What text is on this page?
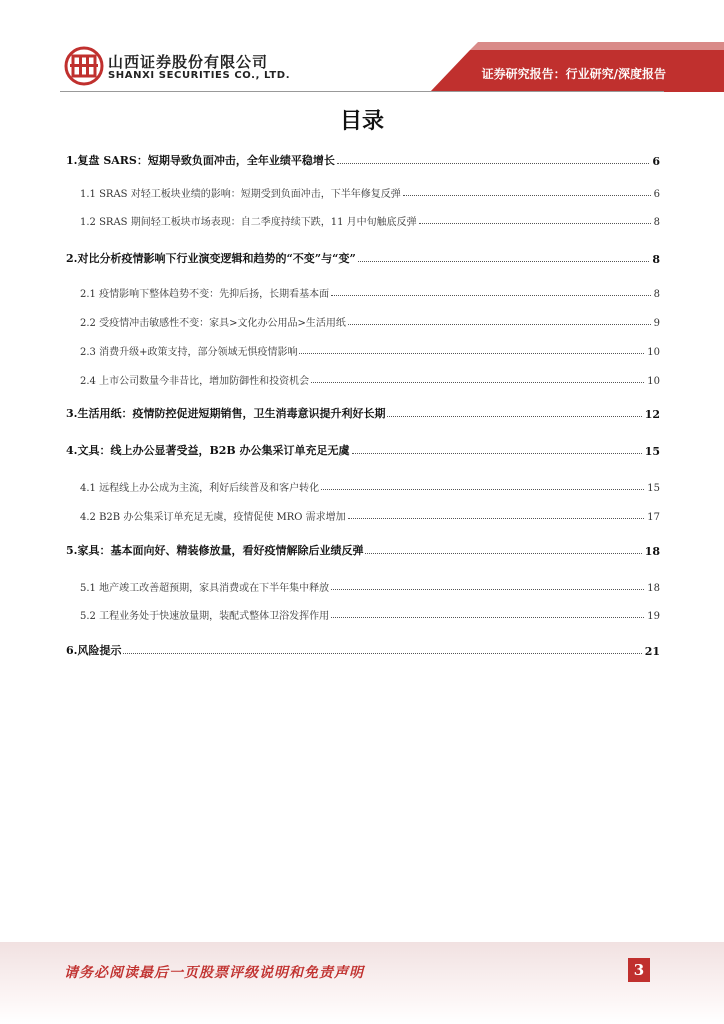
山西证券股份有限公司
SHANXI SECURITIES CO., LTD.	证券研究报告：行业研究/深度报告
目录
1.复盘 SARS：短期导致负面冲击，全年业绩平稳增长	6
1.1 SRAS 对轻工板块业绩的影响：短期受到负面冲击，下半年修复反弹	6
1.2 SRAS 期间轻工板块市场表现：自二季度持续下跌，11 月中旬触底反弹	8
2.对比分析疫情影响下行业演变逻辑和趋势的“不变”与“变”	8
2.1 疫情影响下整体趋势不变：先抑后扬，长期看基本面	8
2.2 受疫情冲击敏感性不变：家具>文化办公用品>生活用纸	9
2.3 消费升级+政策支持，部分领域无惧疫情影响	10
2.4 上市公司数量今非昔比，增加防御性和投资机会	10
3.生活用纸：疫情防控促进短期销售，卫生消毒意识提升利好长期	12
4.文具：线上办公显著受益，B2B 办公集采订单充足无虞	15
4.1 远程线上办公成为主流，利好后续普及和客户转化	15
4.2 B2B 办公集采订单充足无虞，疫情促使 MRO 需求增加	17
5.家具：基本面向好、精装修放量，看好疫情解除后业绩反弹	18
5.1 地产竣工改善超预期，家具消费或在下半年集中释放	18
5.2 工程业务处于快速放量期，装配式整体卫浴发挥作用	19
6.风险提示	21
请务必阅读最后一页股票评级说明和免责声明	3
